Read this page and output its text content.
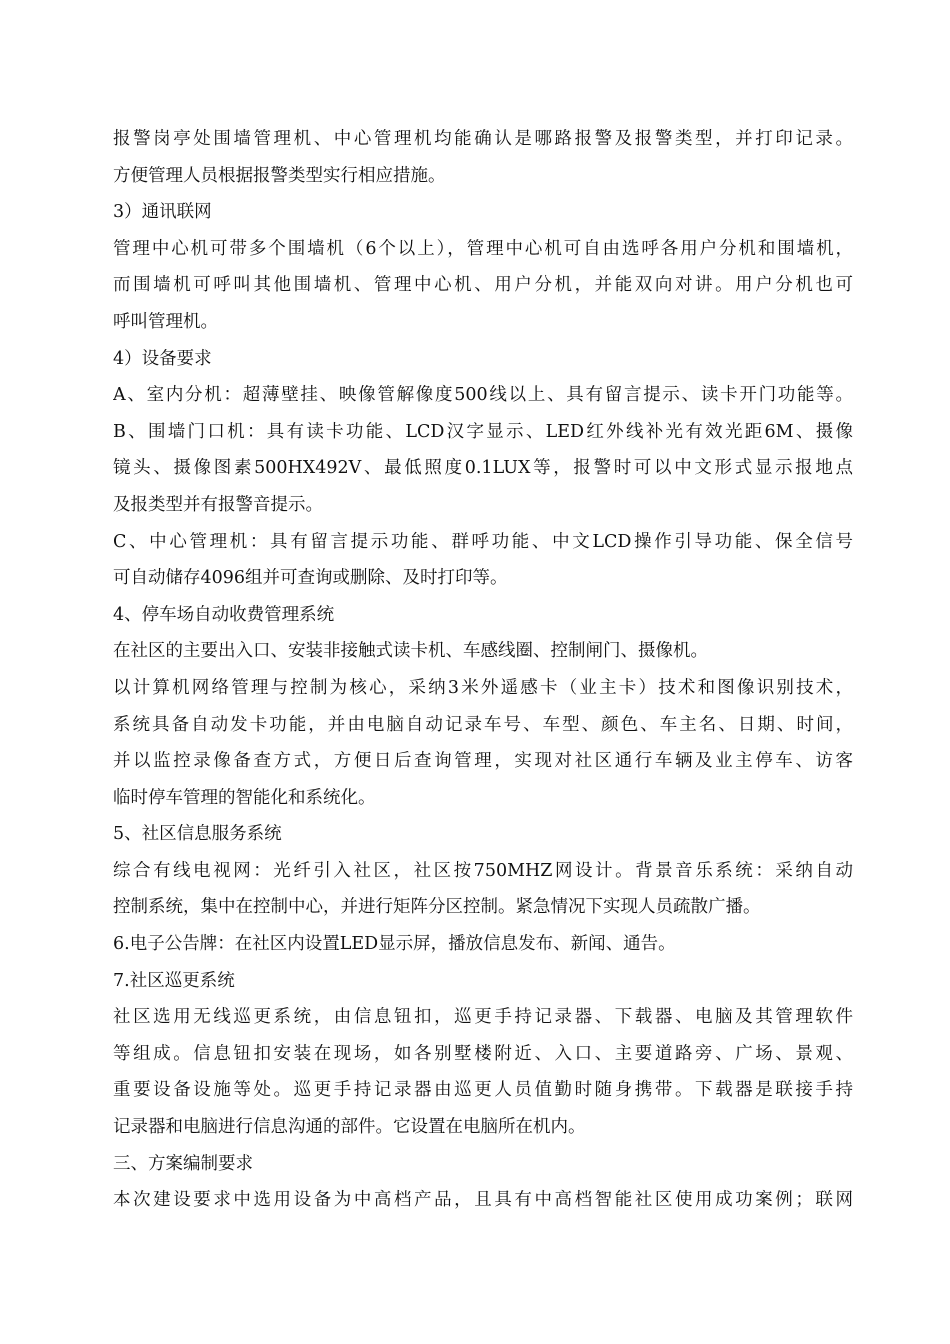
报警岗亭处围墙管理机、中心管理机均能确认是哪路报警及报警类型，并打印记录。
方便管理人员根据报警类型实行相应措施。
3）通讯联网
管理中心机可带多个围墙机（6个以上），管理中心机可自由选呼各用户分机和围墙机，
而围墙机可呼叫其他围墙机、管理中心机、用户分机，并能双向对讲。用户分机也可
呼叫管理机。
4）设备要求
A、室内分机：超薄壁挂、映像管解像度500线以上、具有留言提示、读卡开门功能等。
B、围墙门口机：具有读卡功能、LCD汉字显示、LED红外线补光有效光距6M、摄像
镜头、摄像图素500HX492V、最低照度0.1LUX等，报警时可以中文形式显示报地点
及报类型并有报警音提示。
C、中心管理机：具有留言提示功能、群呼功能、中文LCD操作引导功能、保全信号
可自动储存4096组并可查询或删除、及时打印等。
4、停车场自动收费管理系统
在社区的主要出入口、安装非接触式读卡机、车感线圈、控制闸门、摄像机。
以计算机网络管理与控制为核心，采纳3米外遥感卡（业主卡）技术和图像识别技术，
系统具备自动发卡功能，并由电脑自动记录车号、车型、颜色、车主名、日期、时间，
并以监控录像备查方式，方便日后查询管理，实现对社区通行车辆及业主停车、访客
临时停车管理的智能化和系统化。
5、社区信息服务系统
综合有线电视网：光纤引入社区，社区按750MHZ网设计。背景音乐系统：采纳自动
控制系统，集中在控制中心，并进行矩阵分区控制。紧急情况下实现人员疏散广播。
6.电子公告牌：在社区内设置LED显示屏，播放信息发布、新闻、通告。
7.社区巡更系统
社区选用无线巡更系统，由信息钮扣，巡更手持记录器、下载器、电脑及其管理软件
等组成。信息钮扣安装在现场，如各别墅楼附近、入口、主要道路旁、广场、景观、
重要设备设施等处。巡更手持记录器由巡更人员值勤时随身携带。下载器是联接手持
记录器和电脑进行信息沟通的部件。它设置在电脑所在机内。
三、方案编制要求
本次建设要求中选用设备为中高档产品，且具有中高档智能社区使用成功案例；联网
